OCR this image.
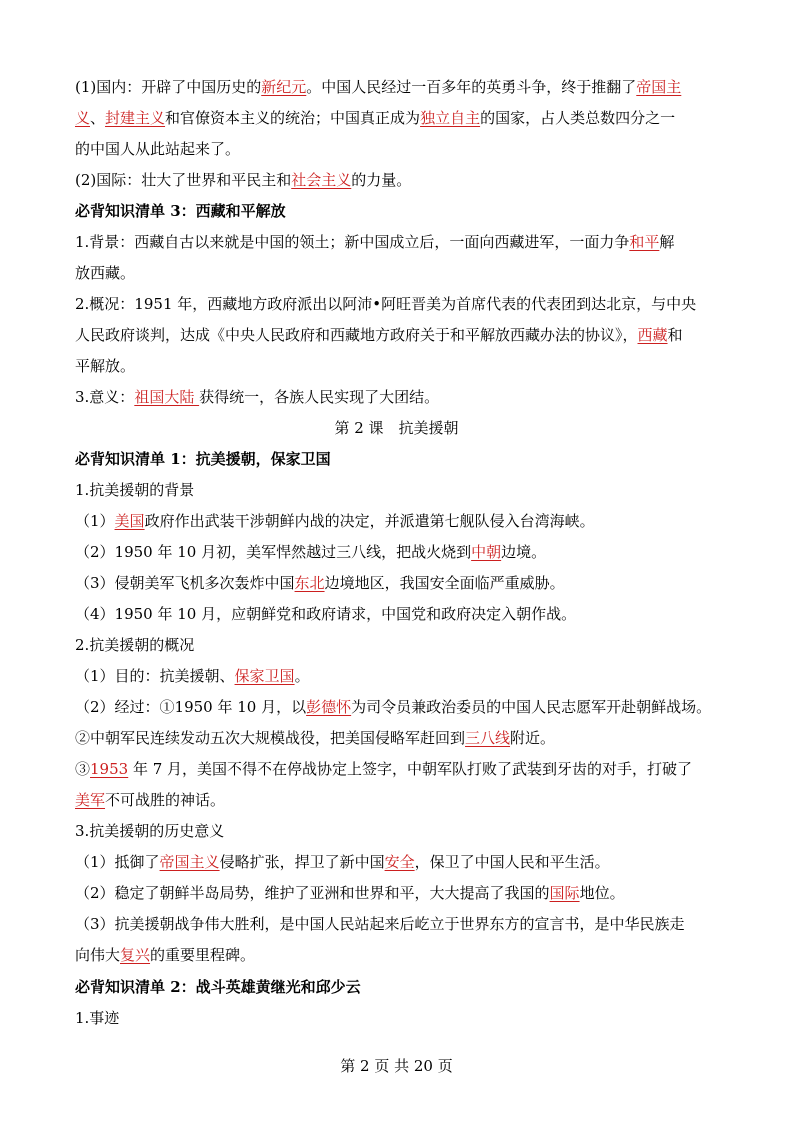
(1)国内：开辟了中国历史的新纪元。中国人民经过一百多年的英勇斗争，终于推翻了帝国主
义、封建主义和官僚资本主义的统治；中国真正成为独立自主的国家，占人类总数四分之一
的中国人从此站起来了。
(2)国际：壮大了世界和平民主和社会主义的力量。
必背知识清单 3：西藏和平解放
1.背景：西藏自古以来就是中国的领土；新中国成立后，一面向西藏进军，一面力争和平解
放西藏。
2.概况：1951 年，西藏地方政府派出以阿沛•阿旺晋美为首席代表的代表团到达北京，与中央
人民政府谈判，达成《中央人民政府和西藏地方政府关于和平解放西藏办法的协议》，西藏和
平解放。
3.意义：祖国大陆 获得统一，各族人民实现了大团结。
第 2 课　抗美援朝
必背知识清单 1：抗美援朝，保家卫国
1.抗美援朝的背景
（1）美国政府作出武装干涉朝鲜内战的决定，并派遣第七舰队侵入台湾海峡。
（2）1950 年 10 月初，美军悍然越过三八线，把战火烧到中朝边境。
（3）侵朝美军飞机多次轰炸中国东北边境地区，我国安全面临严重威胁。
（4）1950 年 10 月，应朝鲜党和政府请求，中国党和政府决定入朝作战。
2.抗美援朝的概况
（1）目的：抗美援朝、保家卫国。
（2）经过：①1950 年 10 月，以彭德怀为司令员兼政治委员的中国人民志愿军开赴朝鲜战场。
②中朝军民连续发动五次大规模战役，把美国侵略军赶回到三八线附近。
③1953 年 7 月，美国不得不在停战协定上签字，中朝军队打败了武装到牙齿的对手，打破了
美军不可战胜的神话。
3.抗美援朝的历史意义
（1）抵御了帝国主义侵略扩张，捍卫了新中国安全，保卫了中国人民和平生活。
（2）稳定了朝鲜半岛局势，维护了亚洲和世界和平，大大提高了我国的国际地位。
（3）抗美援朝战争伟大胜利，是中国人民站起来后屹立于世界东方的宣言书，是中华民族走
向伟大复兴的重要里程碑。
必背知识清单 2：战斗英雄黄继光和邱少云
1.事迹
第 2 页 共 20 页
